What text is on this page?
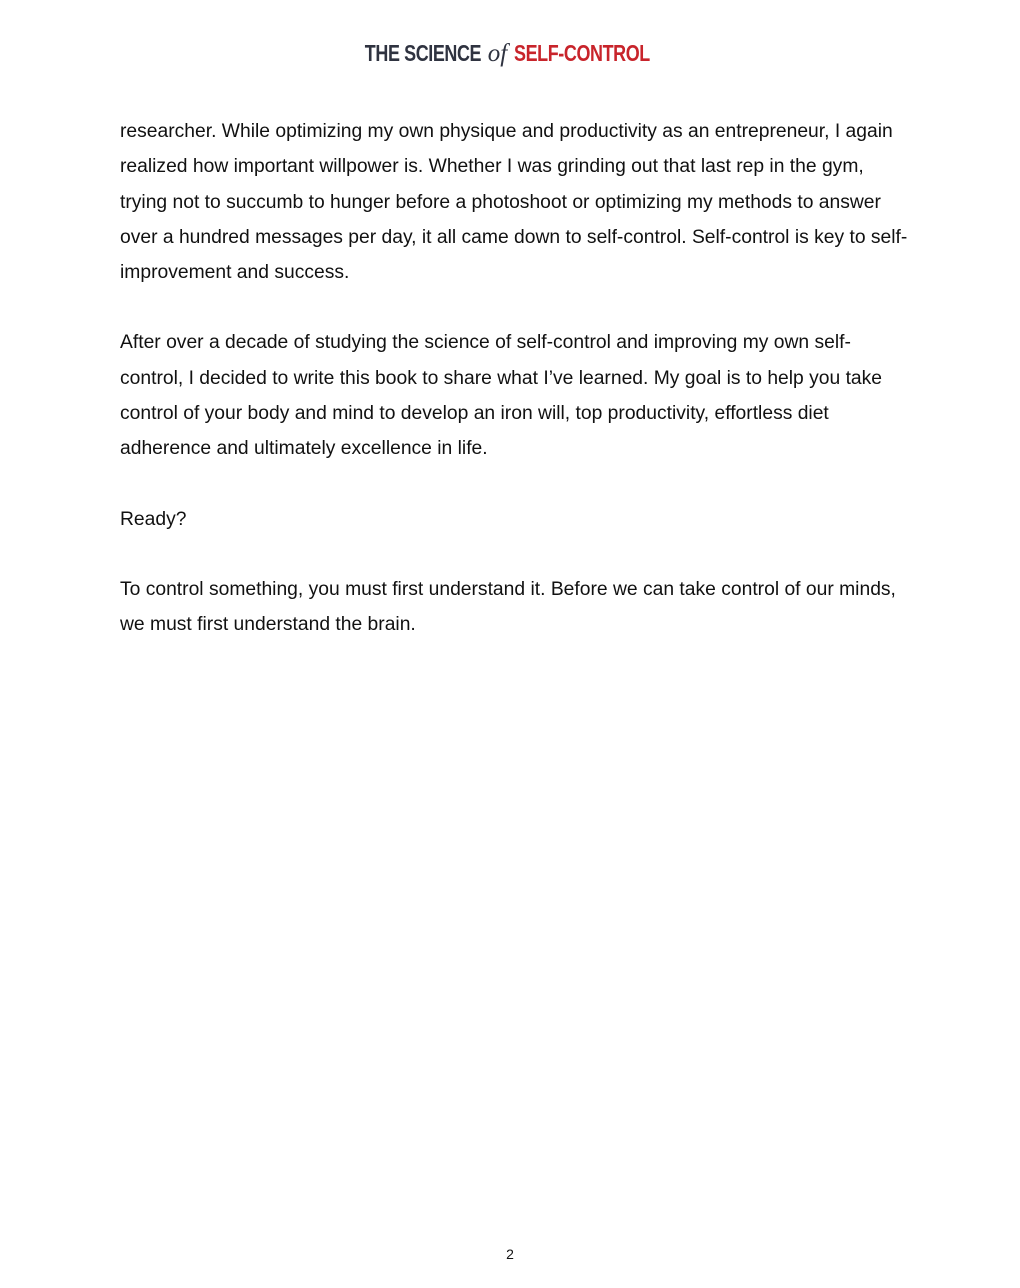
THE SCIENCE of SELF-CONTROL

researcher. While optimizing my own physique and productivity as an entrepreneur, I again realized how important willpower is. Whether I was grinding out that last rep in the gym, trying not to succumb to hunger before a photoshoot or optimizing my methods to answer over a hundred messages per day, it all came down to self-control. Self-control is key to self-improvement and success.

After over a decade of studying the science of self-control and improving my own self-control, I decided to write this book to share what I’ve learned. My goal is to help you take control of your body and mind to develop an iron will, top productivity, effortless diet adherence and ultimately excellence in life.

Ready?

To control something, you must first understand it. Before we can take control of our minds, we must first understand the brain.

2
